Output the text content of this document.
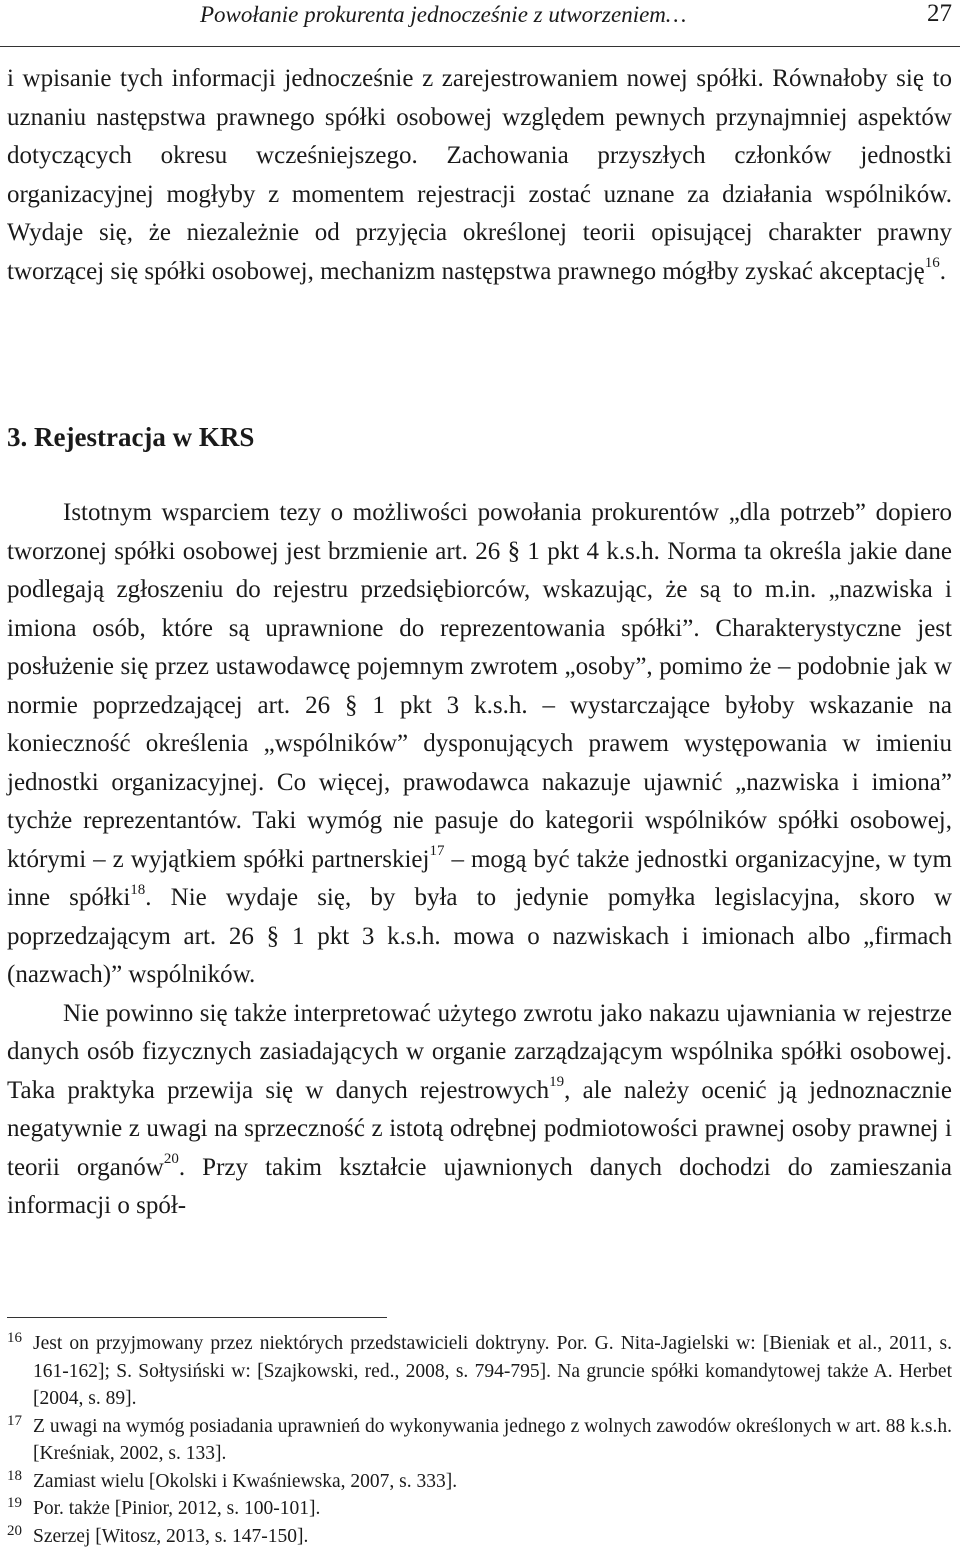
Powołanie prokurenta jednocześnie z utworzeniem…	27

i wpisanie tych informacji jednocześnie z zarejestrowaniem nowej spółki. Równałoby się to uznaniu następstwa prawnego spółki osobowej względem pewnych przynajmniej aspektów dotyczących okresu wcześniejszego. Zachowania przyszłych członków jednostki organizacyjnej mogłyby z momentem rejestracji zostać uznane za działania wspólników. Wydaje się, że niezależnie od przyjęcia określonej teorii opisującej charakter prawny tworzącej się spółki osobowej, mechanizm następstwa prawnego mógłby zyskać akceptację$^{16}$.

3. Rejestracja w KRS

Istotnym wsparciem tezy o możliwości powołania prokurentów „dla potrzeb” dopiero tworzonej spółki osobowej jest brzmienie art. 26 § 1 pkt 4 k.s.h. Norma ta określa jakie dane podlegają zgłoszeniu do rejestru przedsiębiorców, wskazując, że są to m.in. „nazwiska i imiona osób, które są uprawnione do reprezentowania spółki”. Charakterystyczne jest posłużenie się przez ustawodawcę pojemnym zwrotem „osoby”, pomimo że – podobnie jak w normie poprzedzającej art. 26 § 1 pkt 3 k.s.h. – wystarczające byłoby wskazanie na konieczność określenia „wspólników” dysponujących prawem występowania w imieniu jednostki organizacyjnej. Co więcej, prawodawca nakazuje ujawnić „nazwiska i imiona” tychże reprezentantów. Taki wymóg nie pasuje do kategorii wspólników spółki osobowej, którymi – z wyjątkiem spółki partnerskiej$^{17}$ – mogą być także jednostki organizacyjne, w tym inne spółki$^{18}$. Nie wydaje się, by była to jedynie pomyłka legislacyjna, skoro w poprzedzającym art. 26 § 1 pkt 3 k.s.h. mowa o nazwiskach i imionach albo „firmach (nazwach)” wspólników.

Nie powinno się także interpretować użytego zwrotu jako nakazu ujawniania w rejestrze danych osób fizycznych zasiadających w organie zarządzającym wspólnika spółki osobowej. Taka praktyka przewija się w danych rejestrowych$^{19}$, ale należy ocenić ją jednoznacznie negatywnie z uwagi na sprzeczność z istotą odrębnej podmiotowości prawnej osoby prawnej i teorii organów$^{20}$. Przy takim kształcie ujawnionych danych dochodzi do zamieszania informacji o spół-

16 Jest on przyjmowany przez niektórych przedstawicieli doktryny. Por. G. Nita-Jagielski w: [Bieniak et al., 2011, s. 161-162]; S. Sołtysiński w: [Szajkowski, red., 2008, s. 794-795]. Na gruncie spółki komandytowej także A. Herbet [2004, s. 89].
17 Z uwagi na wymóg posiadania uprawnień do wykonywania jednego z wolnych zawodów określonych w art. 88 k.s.h. [Kreśniak, 2002, s. 133].
18 Zamiast wielu [Okolski i Kwaśniewska, 2007, s. 333].
19 Por. także [Pinior, 2012, s. 100-101].
20 Szerzej [Witosz, 2013, s. 147-150].
